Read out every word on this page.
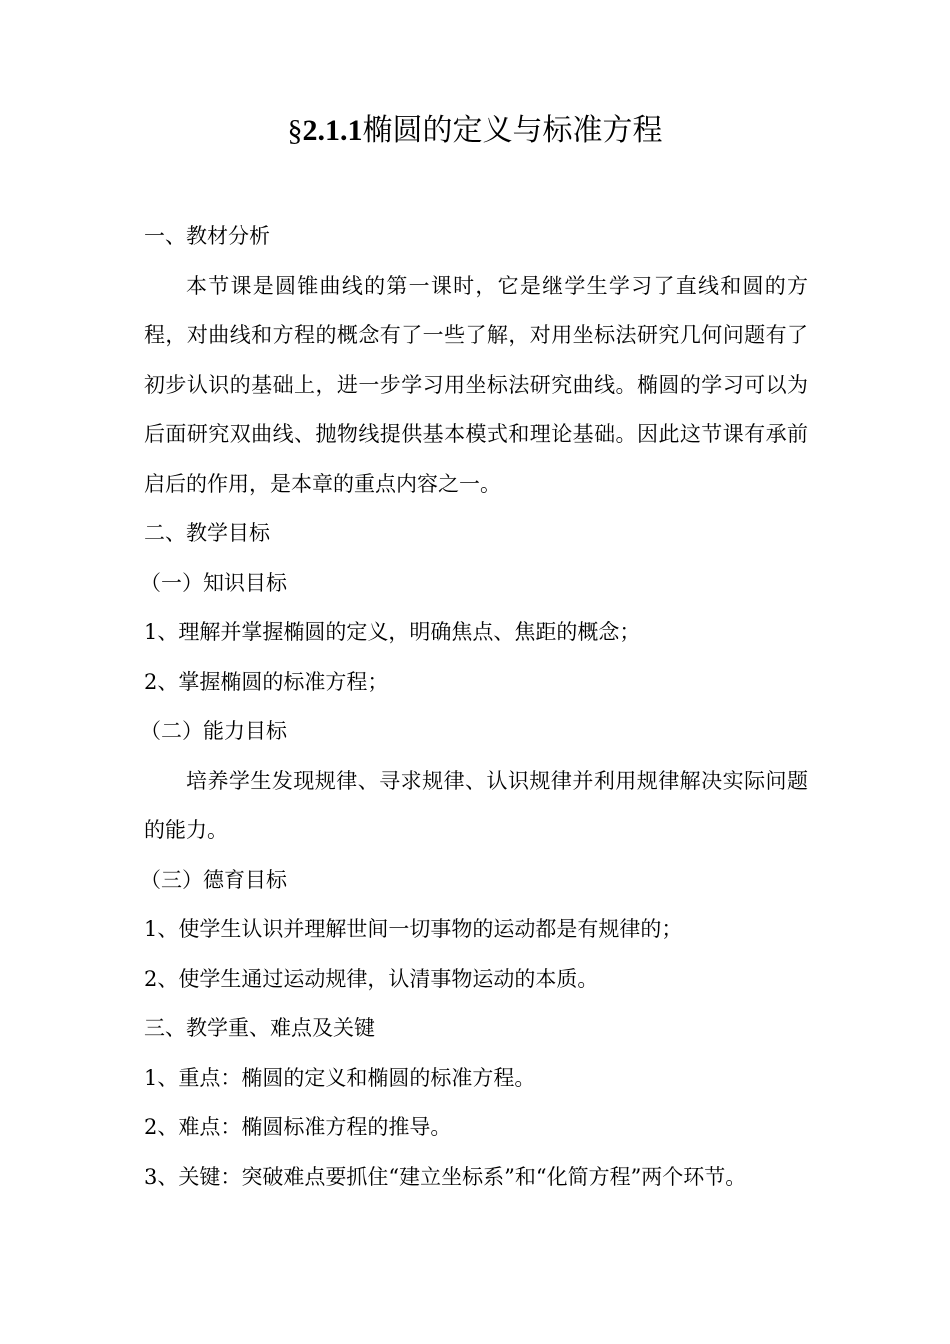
§2.1.1椭圆的定义与标准方程
一、教材分析
本节课是圆锥曲线的第一课时，它是继学生学习了直线和圆的方程，对曲线和方程的概念有了一些了解，对用坐标法研究几何问题有了初步认识的基础上，进一步学习用坐标法研究曲线。椭圆的学习可以为后面研究双曲线、抛物线提供基本模式和理论基础。因此这节课有承前启后的作用，是本章的重点内容之一。
二、教学目标
（一）知识目标
1、理解并掌握椭圆的定义，明确焦点、焦距的概念；
2、掌握椭圆的标准方程；
（二）能力目标
培养学生发现规律、寻求规律、认识规律并利用规律解决实际问题的能力。
（三）德育目标
1、使学生认识并理解世间一切事物的运动都是有规律的；
2、使学生通过运动规律，认清事物运动的本质。
三、教学重、难点及关键
1、重点：椭圆的定义和椭圆的标准方程。
2、难点：椭圆标准方程的推导。
3、关键：突破难点要抓住“建立坐标系”和“化简方程”两个环节。
